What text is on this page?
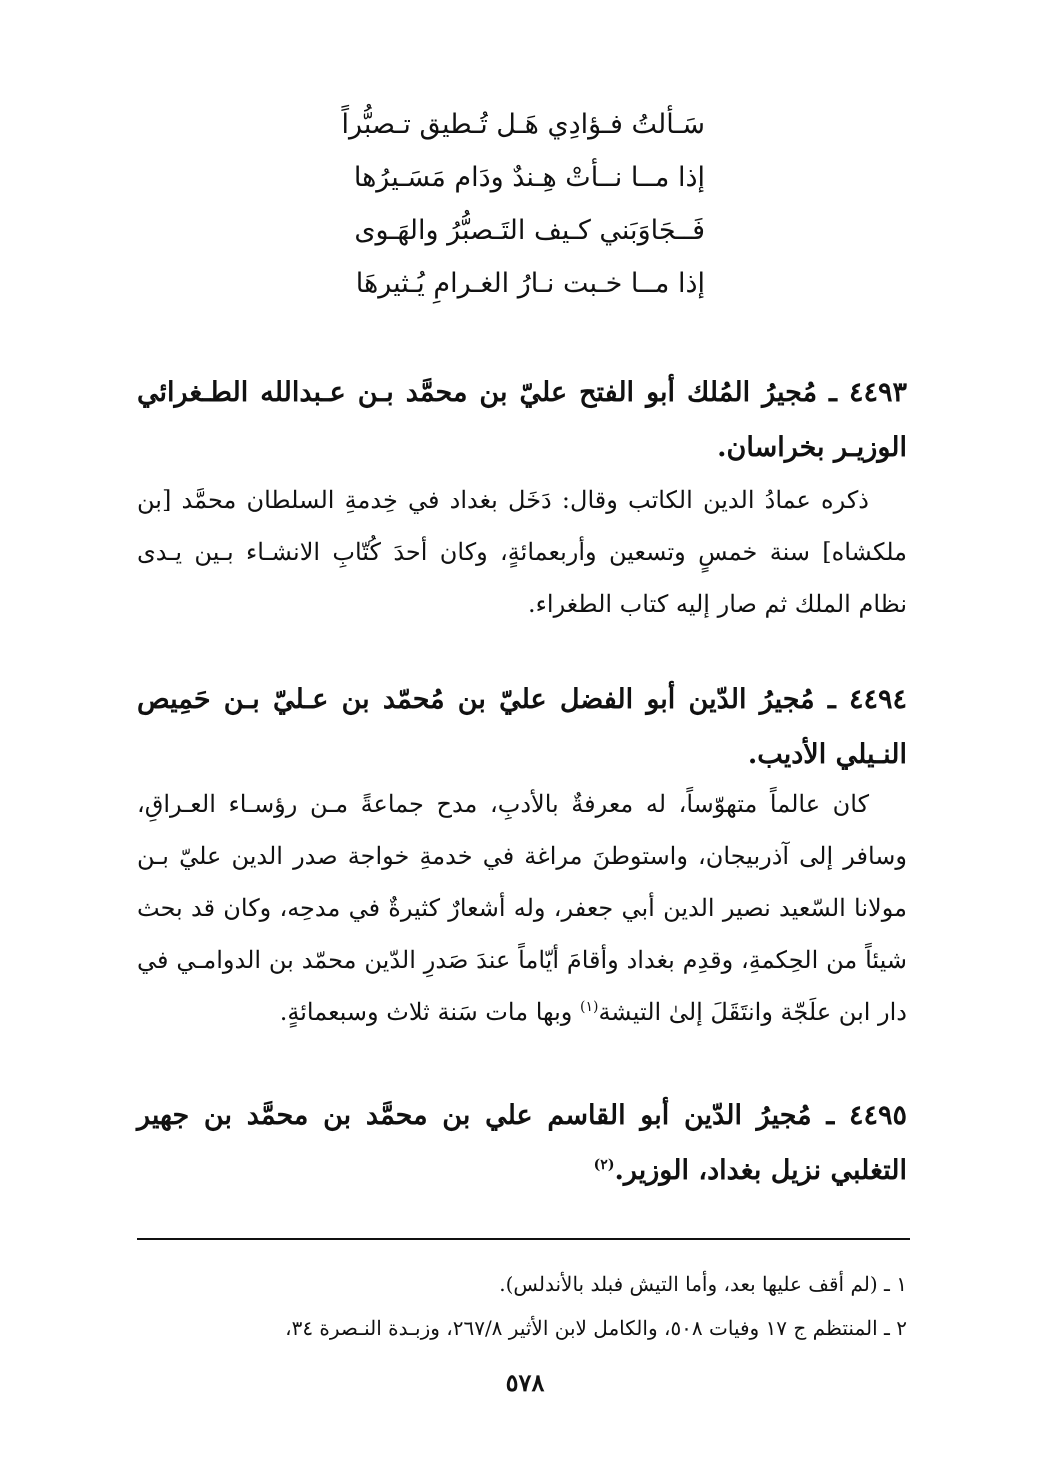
سَـألتُ فـؤادِي هَـل تُـطيق تـصبُّراً
إذا مــا نــأتْ هِـندٌ ودَام مَسَـيرُها
فَــجَاوَبَني كـيف التَـصبُّرُ والهَـوى
إذا مــا خـبت نـارُ الغـرامِ يُـثيرهَا
٤٤٩٣ ـ مُجيرُ المُلك أبو الفتح عليّ بن محمَّد بـن عـبدالله الطـغرائي الوزيـر بخراسان.
ذكره عمادُ الدين الكاتب وقال: دَخَل بغداد في خِدمةِ السلطان محمَّد [بن ملكشاه] سنة خمسٍ وتسعين وأربعمائةٍ، وكان أحدَ كُتّابِ الانشـاء بـين يـدى نظام الملك ثم صار إليه كتاب الطغراء.
٤٤٩٤ ـ مُجيرُ الدّين أبو الفضل عليّ بن مُحمّد بن عـليّ بـن حَمِيص النـيلي الأديب.
كان عالماً متهوّساً، له معرفةٌ بالأدبِ، مدح جماعةً مـن رؤسـاء العـراقِ، وسافر إلى آذربيجان، واستوطنَ مراغة في خدمةِ خواجة صدر الدين عليّ بـن مولانا السّعيد نصير الدين أبي جعفر، وله أشعارٌ كثيرةٌ في مدحِه، وكان قد بحث شيئاً من الحِكمةِ، وقدِم بغداد وأقامَ أيّاماً عندَ صَدرِ الدّين محمّد بن الدوامـي في دار ابن علَجّة وانتَقَلَ إلىٰ التيشة$^{(١)}$ وبها مات سَنة ثلاث وسبعمائةٍ.
٤٤٩٥ ـ مُجيرُ الدّين أبو القاسم علي بن محمَّد بن محمَّد بن جهير التغلبي نزيل بغداد، الوزير.$^{(٢)}$
١ ـ (لم أقف عليها بعد، وأما التيش فبلد بالأندلس).
٢ ـ المنتظم ج ١٧ وفيات ٥٠٨، والكامل لابن الأثير ٢٦٧/٨، وزبـدة النـصرة ٣٤،
٥٧٨
